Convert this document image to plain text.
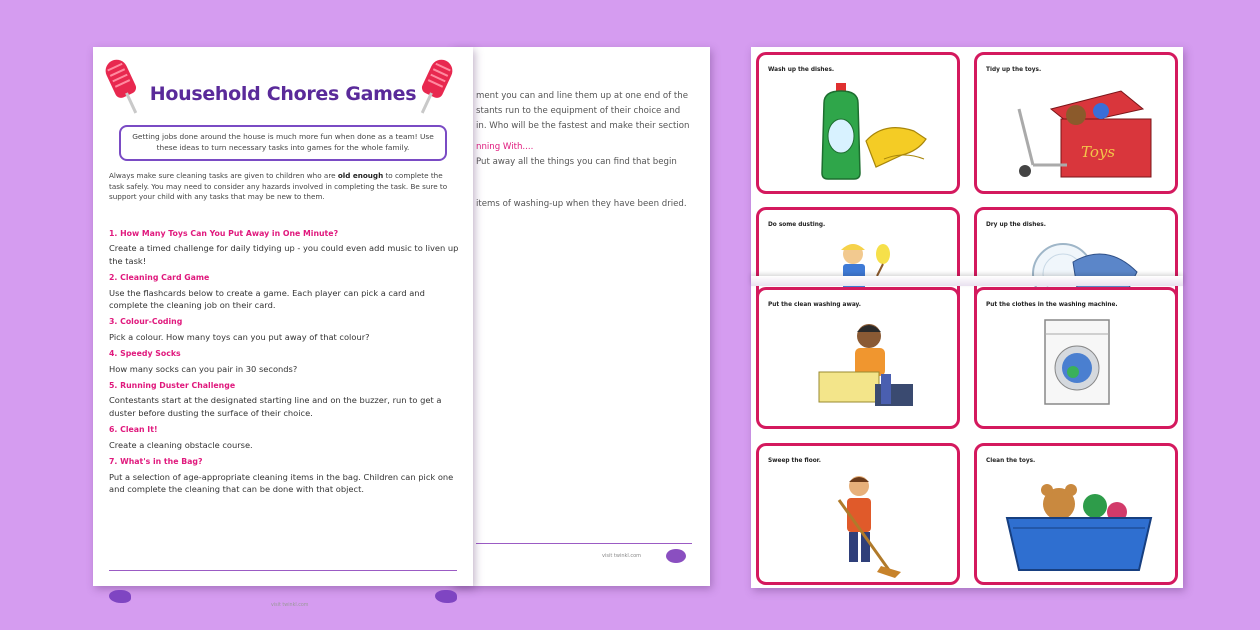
ment you can and line them up at one end of the

stants run to the equipment of their choice and

in. Who will be the fastest and make their section

nning With....

Put away all the things you can find that begin

items of washing-up when they have been dried.

visit twinkl.com
Household Chores Games
Getting jobs done around the house is much more fun when done as a team! Use these ideas to turn necessary tasks into games for the whole family.
Always make sure cleaning tasks are given to children who are old enough to complete the task safely. You may need to consider any hazards involved in completing the task. Be sure to support your child with any tasks that may be new to them.
1. How Many Toys Can You Put Away in One Minute?
Create a timed challenge for daily tidying up - you could even add music to liven up the task!
2. Cleaning Card Game
Use the flashcards below to create a game. Each player can pick a card and complete the cleaning job on their card.
3. Colour-Coding
Pick a colour. How many toys can you put away of that colour?
4. Speedy Socks
How many socks can you pair in 30 seconds?
5. Running Duster Challenge
Contestants start at the designated starting line and on the buzzer, run to get a duster before dusting the surface of their choice.
6. Clean It!
Create a cleaning obstacle course.
7. What's in the Bag?
Put a selection of age-appropriate cleaning items in the bag. Children can pick one and complete the cleaning that can be done with that object.
visit twinkl.com
Wash up the dishes.	Tidy up the toys.
Toys
Do some dusting.	Dry up the dishes.
Put the clean washing away.	Put the clothes in the washing machine.
Sweep the floor.	Clean the toys.
